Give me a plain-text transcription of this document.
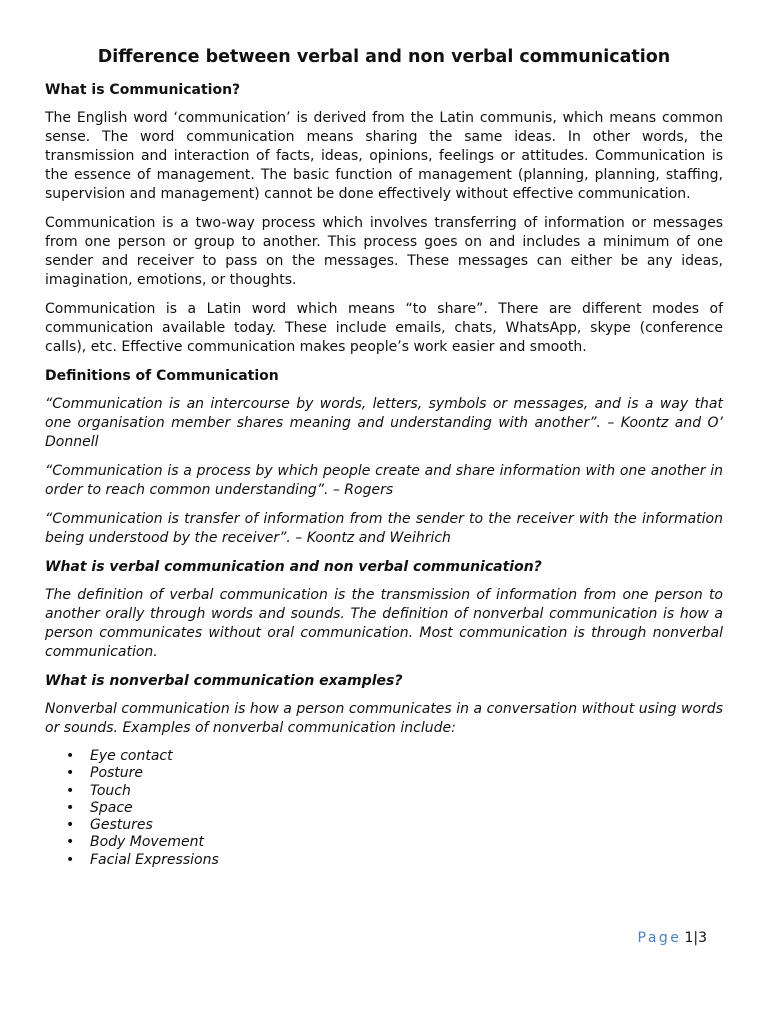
Difference between verbal and non verbal communication
What is Communication?

The English word ‘communication’ is derived from the Latin communis, which means common sense. The word communication means sharing the same ideas. In other words, the transmission and interaction of facts, ideas, opinions, feelings or attitudes. Communication is the essence of management. The basic function of management (planning, planning, staffing, supervision and management) cannot be done effectively without effective communication.

Communication is a two-way process which involves transferring of information or messages from one person or group to another. This process goes on and includes a minimum of one sender and receiver to pass on the messages. These messages can either be any ideas, imagination, emotions, or thoughts.

Communication is a Latin word which means “to share”. There are different modes of communication available today. These include emails, chats, WhatsApp, skype (conference calls), etc. Effective communication makes people’s work easier and smooth.

Definitions of Communication

“Communication is an intercourse by words, letters, symbols or messages, and is a way that one organisation member shares meaning and understanding with another”. – Koontz and O’ Donnell

“Communication is a process by which people create and share information with one another in order to reach common understanding”. – Rogers

“Communication is transfer of information from the sender to the receiver with the information being understood by the receiver”. – Koontz and Weihrich

What is verbal communication and non verbal communication?

The definition of verbal communication is the transmission of information from one person to another orally through words and sounds. The definition of nonverbal communication is how a person communicates without oral communication. Most communication is through nonverbal communication.

What is nonverbal communication examples?

Nonverbal communication is how a person communicates in a conversation without using words or sounds. Examples of nonverbal communication include:

• Eye contact
• Posture
• Touch
• Space
• Gestures
• Body Movement
• Facial Expressions
Page 1|3
